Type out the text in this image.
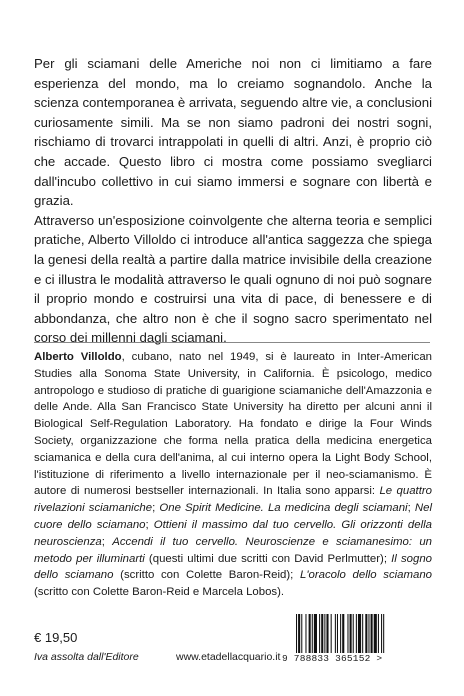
Per gli sciamani delle Americhe noi non ci limitiamo a fare esperienza del mondo, ma lo creiamo sognandolo. Anche la scienza contemporanea è arrivata, seguendo altre vie, a conclusioni curiosamente simili. Ma se non siamo padroni dei nostri sogni, rischiamo di trovarci intrappolati in quelli di altri. Anzi, è proprio ciò che accade. Questo libro ci mostra come possiamo svegliarci dall'incubo collettivo in cui siamo immersi e sognare con libertà e grazia.

Attraverso un'esposizione coinvolgente che alterna teoria e semplici pratiche, Alberto Villoldo ci introduce all'antica saggezza che spiega la genesi della realtà a partire dalla matrice invisibile della creazione e ci illustra le modalità attraverso le quali ognuno di noi può sognare il proprio mondo e costruirsi una vita di pace, di benessere e di abbondanza, che altro non è che il sogno sacro sperimentato nel corso dei millenni dagli sciamani.

Alberto Villoldo, cubano, nato nel 1949, si è laureato in Inter-American Studies alla Sonoma State University, in California. È psicologo, medico antropologo e studioso di pratiche di guarigione sciamaniche dell'Amazzonia e delle Ande. Alla San Francisco State University ha diretto per alcuni anni il Biological Self-Regulation Laboratory. Ha fondato e dirige la Four Winds Society, organizzazione che forma nella pratica della medicina energetica sciamanica e della cura dell'anima, al cui interno opera la Light Body School, l'istituzione di riferimento a livello internazionale per il neo-sciamanismo. È autore di numerosi bestseller internazionali. In Italia sono apparsi: Le quattro rivelazioni sciamaniche; One Spirit Medicine. La medicina degli sciamani; Nel cuore dello sciamano; Ottieni il massimo dal tuo cervello. Gli orizzonti della neuroscienza; Accendi il tuo cervello. Neuroscienze e sciamanesimo: un metodo per illuminarti (questi ultimi due scritti con David Perlmutter); Il sogno dello sciamano (scritto con Colette Baron-Reid); L'oracolo dello sciamano (scritto con Colette Baron-Reid e Marcela Lobos).

€ 19,50
Iva assolta dall'Editore	www.etadellacquario.it 9 788833 365152 >
